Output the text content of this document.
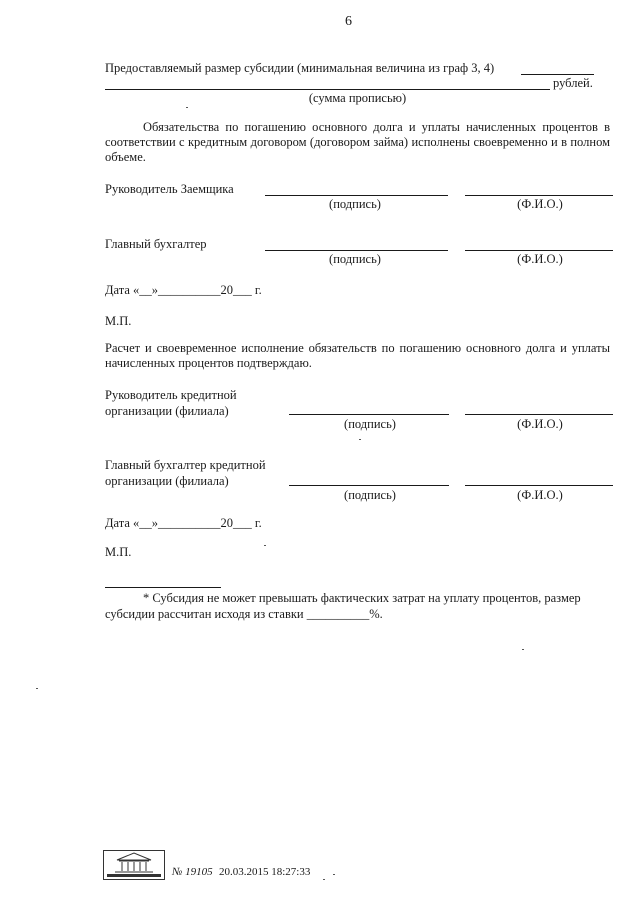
6
Предоставляемый размер субсидии (минимальная величина из граф 3, 4)
рублей.
(сумма прописью)
Обязательства по погашению основного долга и уплаты начисленных процентов в соответствии с кредитным договором (договором займа) исполнены своевременно и в полном объеме.
Руководитель Заемщика
(подпись)	(Ф.И.О.)
Главный бухгалтер
(подпись)	(Ф.И.О.)
Дата «__»__________20___ г.
М.П.
Расчет и своевременное исполнение обязательств по погашению основного долга и уплаты начисленных процентов подтверждаю.
Руководитель кредитной
организации (филиала)
(подпись)	(Ф.И.О.)
Главный бухгалтер кредитной
организации (филиала)
(подпись)	(Ф.И.О.)
Дата «__»__________20___ г.
М.П.
* Субсидия не может превышать фактических затрат на уплату процентов, размер
субсидии рассчитан исходя из ставки __________%.
№ 19105 20.03.2015 18:27:33
